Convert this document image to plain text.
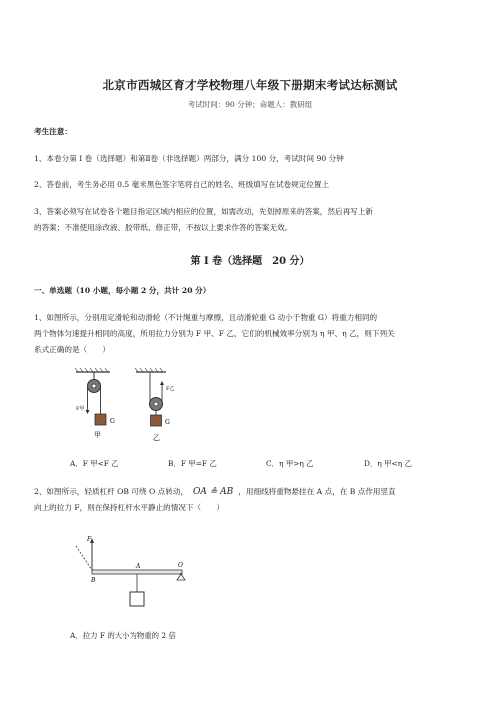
北京市西城区育才学校物理八年级下册期末考试达标测试
考试时间：90 分钟；命题人：教研组
考生注意：
1、本卷分第 I 卷（选择题）和第Ⅱ卷（非选择题）两部分，满分 100 分，考试时间 90 分钟
2、答卷前，考生务必用 0.5 毫米黑色签字笔将自己的姓名、班级填写在试卷规定位置上
3、答案必须写在试卷各个题目指定区域内相应的位置，如需改动，先划掉原来的答案，然后再写上新
的答案；不准使用涂改液、胶带纸、修正带，不按以上要求作答的答案无效。
第 I 卷（选择题　20 分）
一、单选题（10 小题，每小题 2 分，共计 20 分）
1、如图所示，分别用定滑轮和动滑轮（不计绳重与摩擦，且动滑轮重 G 动小于物重 G）将重力相同的
两个物体匀速提升相同的高度，所用拉力分别为 F 甲、F 乙，它们的机械效率分别为 η 甲、η 乙，则下列关
系式正确的是（　　）
F甲
G
甲
F乙
G
乙
A．F 甲<F 乙	B．F 甲=F 乙	C．η 甲>η 乙	D．η 甲<η 乙
2、如图所示，轻质杠杆 OB 可绕 O 点转动， OA ≗ AB ，用细线将重物悬挂在 A 点，在 B 点作用竖直
向上的拉力 F，则在保持杠杆水平静止的情况下（　　）
F
B
A	O
A．拉力 F 的大小为物重的 2 倍
